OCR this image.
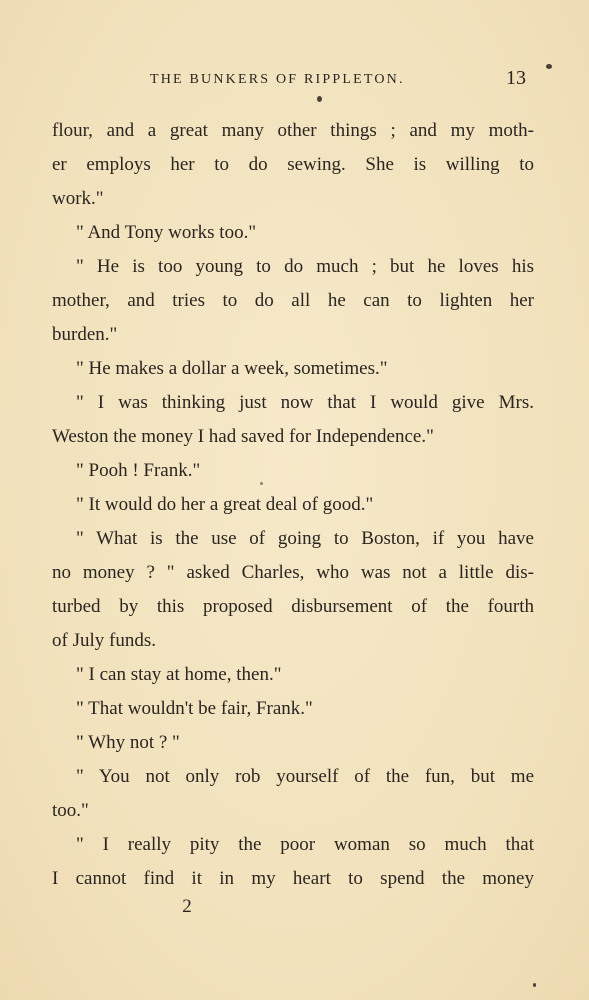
THE BUNKERS OF RIPPLETON.	13
flour, and a great many other things ; and my moth-
er employs her to do sewing. She is willing to
work."
" And Tony works too."
" He is too young to do much ; but he loves his
mother, and tries to do all he can to lighten her
burden."
" He makes a dollar a week, sometimes."
" I was thinking just now that I would give Mrs.
Weston the money I had saved for Independence."
" Pooh ! Frank."
" It would do her a great deal of good."
" What is the use of going to Boston, if you have
no money ? " asked Charles, who was not a little dis-
turbed by this proposed disbursement of the fourth
of July funds.
" I can stay at home, then."
" That wouldn't be fair, Frank."
" Why not ? "
" You not only rob yourself of the fun, but me
too."
" I really pity the poor woman so much that
I cannot find it in my heart to spend the money
2
